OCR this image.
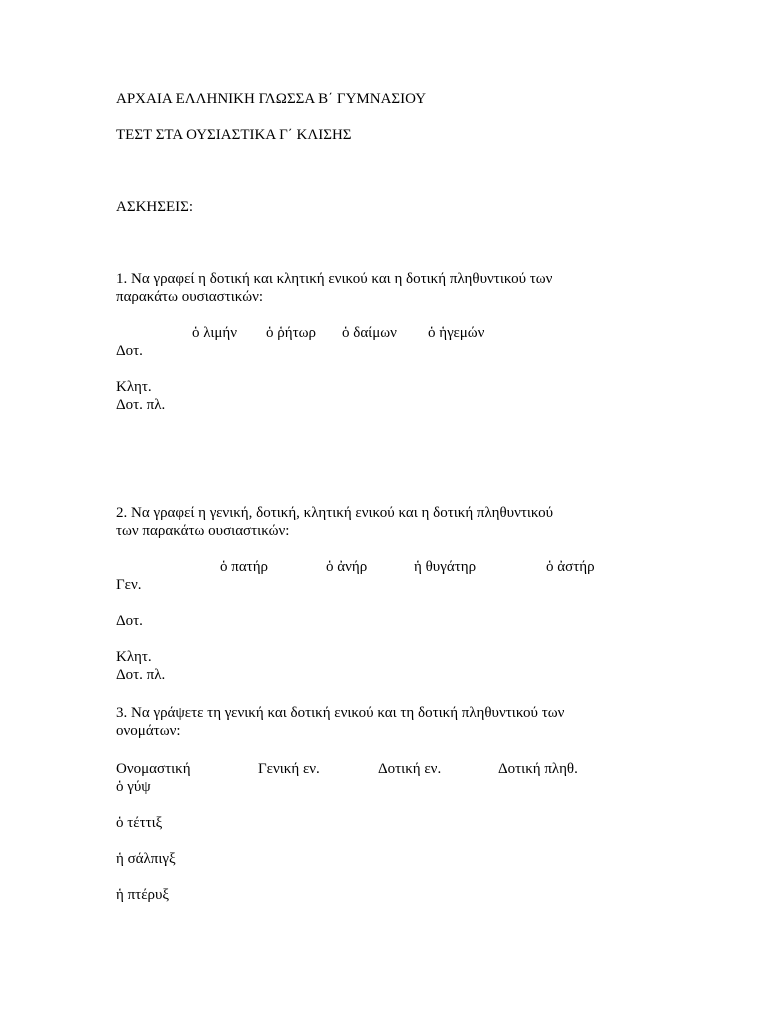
ΑΡΧΑΙΑ ΕΛΛΗΝΙΚΗ ΓΛΩΣΣΑ Β΄ ΓΥΜΝΑΣΙΟΥ
ΤΕΣΤ ΣΤΑ ΟΥΣΙΑΣΤΙΚΑ Γ΄ ΚΛΙΣΗΣ
ΑΣΚΗΣΕΙΣ:
1. Να γραφεί η δοτική και κλητική ενικού και η δοτική πληθυντικού των
παρακάτω ουσιαστικών:
ὁ λιμήν ὁ ῥήτωρ ὁ δαίμων ὁ ἡγεμών
Δοτ.
Κλητ.
Δοτ. πλ.
2. Να γραφεί η γενική, δοτική, κλητική ενικού και η δοτική πληθυντικού
των παρακάτω ουσιαστικών:
ὁ πατήρ	ὁ ἀνήρ	ἡ θυγάτηρ	ὁ ἀστήρ
Γεν.
Δοτ.
Κλητ.
Δοτ. πλ.
3. Να γράψετε τη γενική και δοτική ενικού και τη δοτική πληθυντικού των
ονομάτων:
Ονομαστική	Γενική εν.	Δοτική εν.	Δοτική πληθ.
ὁ γύψ
ὁ τέττιξ
ἡ σάλπιγξ
ἡ πτέρυξ
